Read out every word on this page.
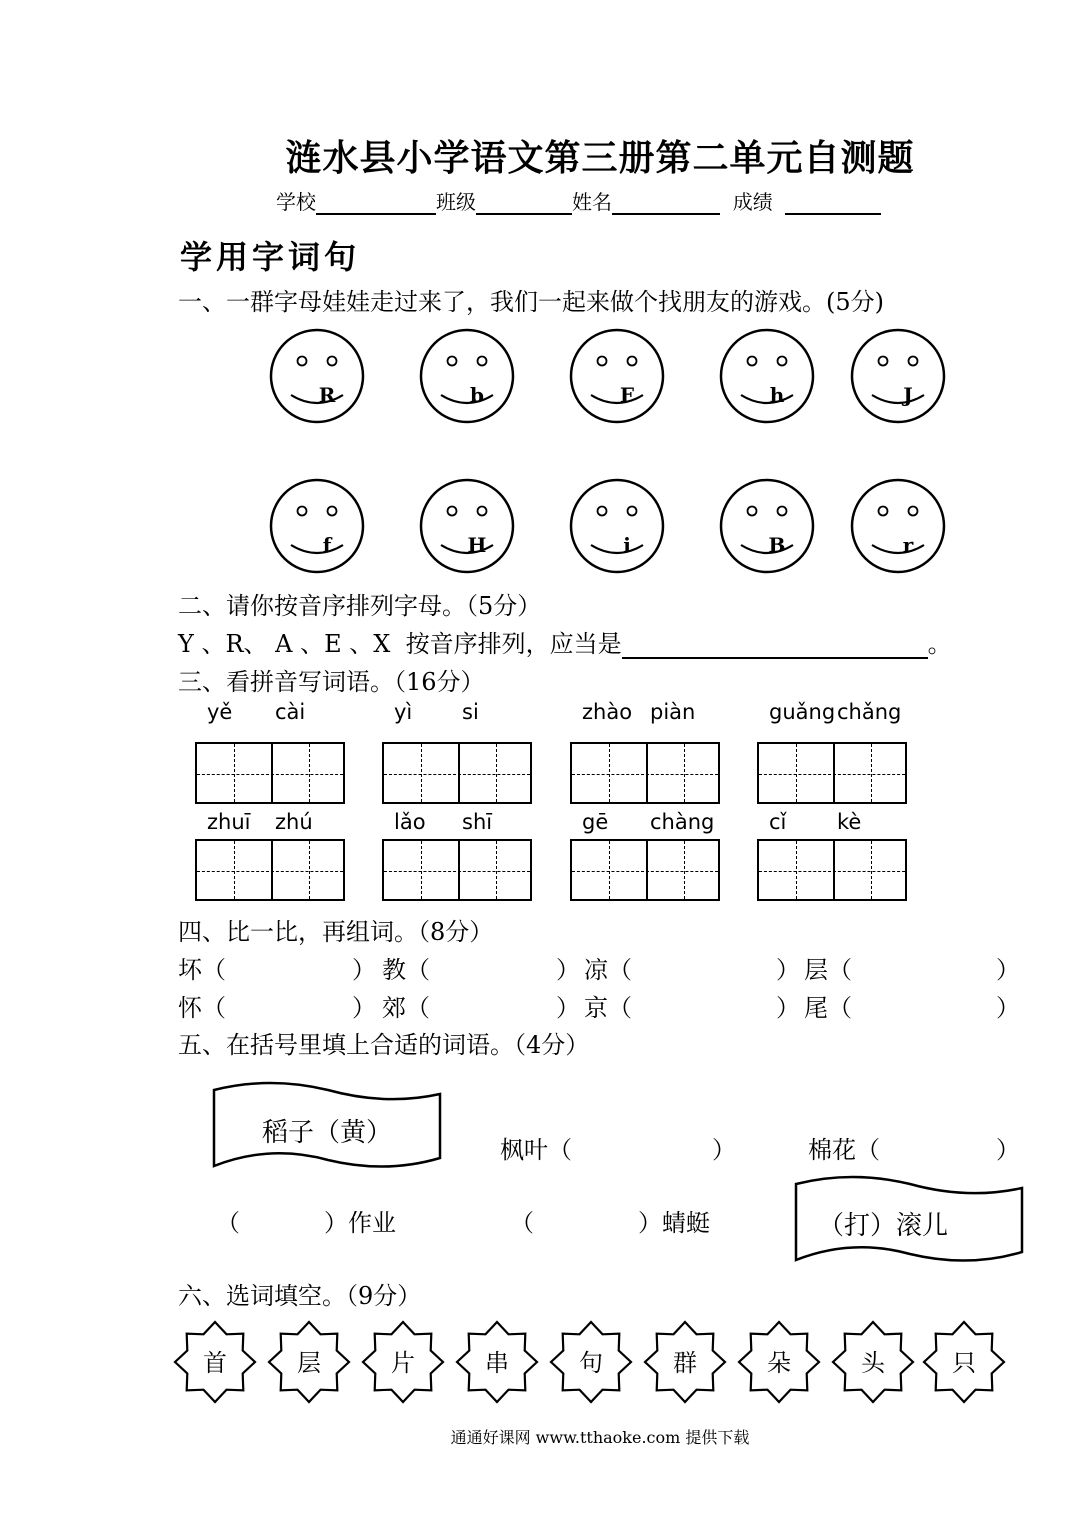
涟水县小学语文第三册第二单元自测题
学校	班级	姓名	成绩
学用字词句
一、一群字母娃娃走过来了，我们一起来做个找朋友的游戏。(5分)
R	b	F	h	J
f	H	i	B	r
二、请你按音序排列字母。（5分）
Y 、R、 A 、E 、X 按音序排列，应当是	。
三、看拼音写词语。（16分）
yě cài	yì si	zhào piàn	guǎng chǎng
zhuī zhú	lǎo shī	gē chàng	cǐ kè
四、比一比，再组词。（8分）
坏（	） 教（	） 凉（	） 层（	）
怀（	） 郊（	） 京（	） 尾（	）
五、在括号里填上合适的词语。（4分）
稻子（黄）
枫叶（	）	棉花（	）
（	）作业	（	）蜻蜓	（打）滚儿
六、选词填空。（9分）
首	层	片	串	句	群	朵	头	只
通通好课网 www.tthaoke.com 提供下载
